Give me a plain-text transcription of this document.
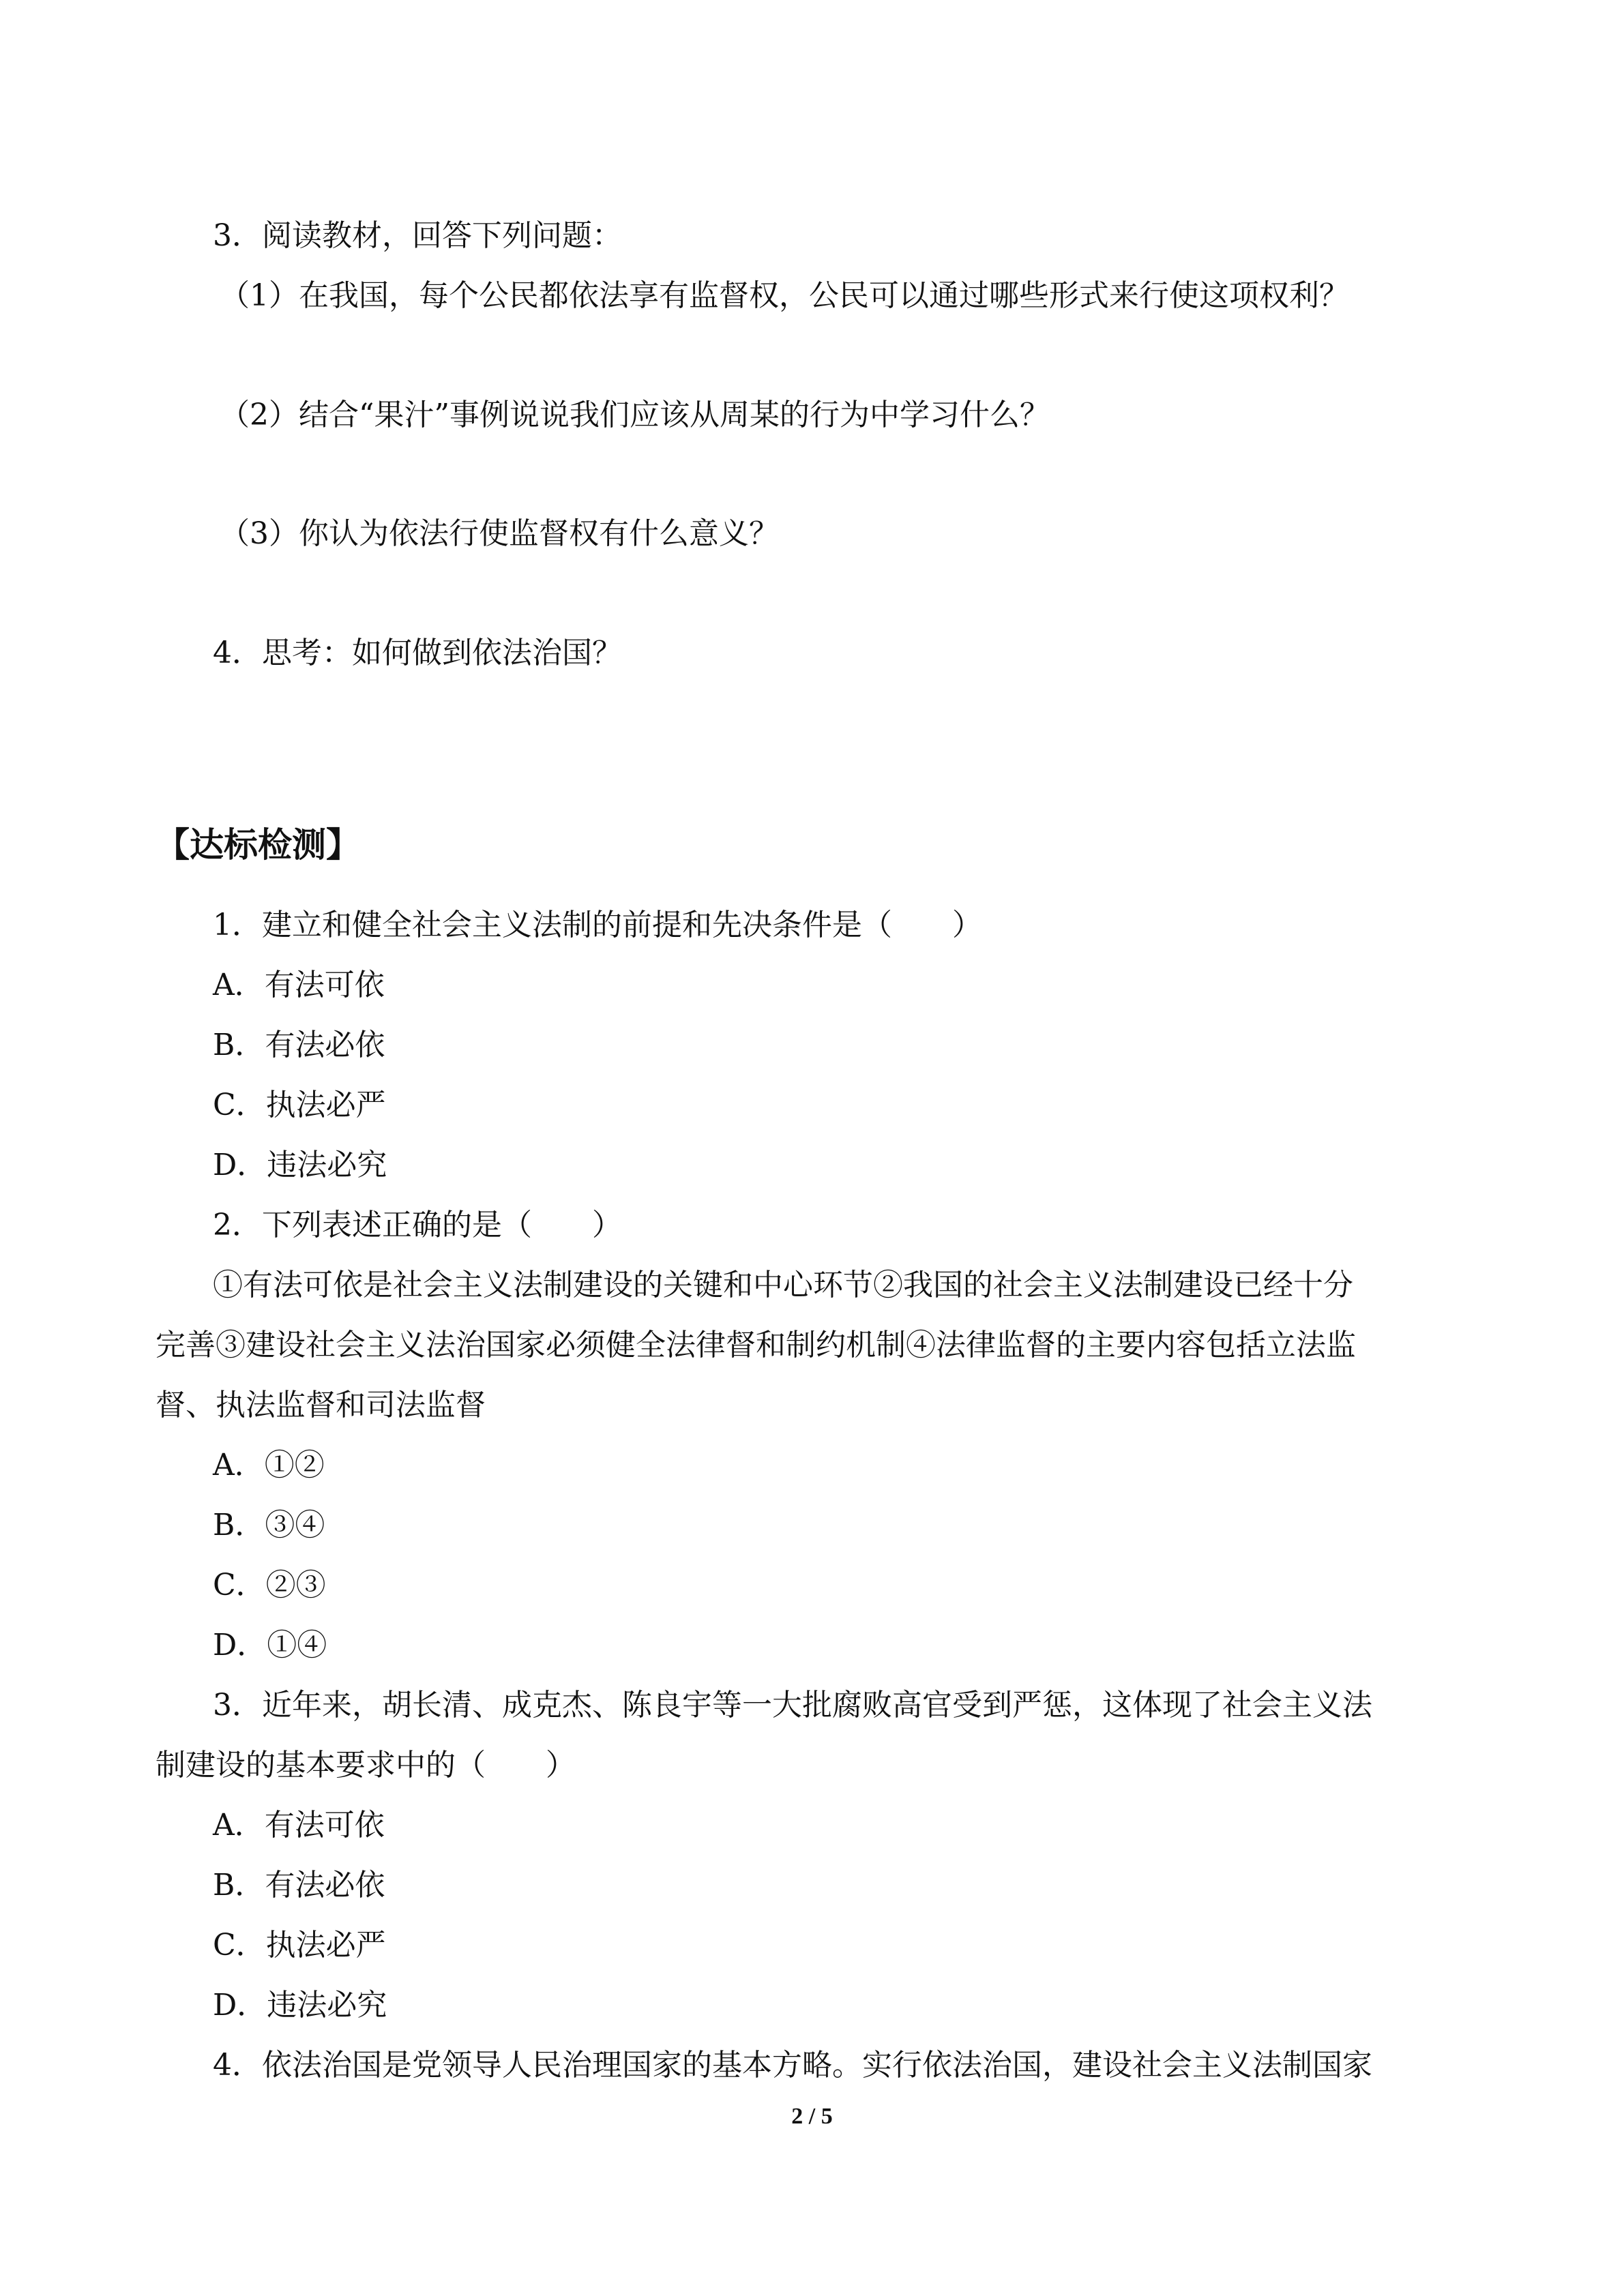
3．阅读教材，回答下列问题：
（1）在我国，每个公民都依法享有监督权，公民可以通过哪些形式来行使这项权利？
（2）结合“果汁”事例说说我们应该从周某的行为中学习什么？
（3）你认为依法行使监督权有什么意义？
4．思考：如何做到依法治国？
【达标检测】
1．建立和健全社会主义法制的前提和先决条件是（　　）
A．有法可依
B．有法必依
C．执法必严
D．违法必究
2．下列表述正确的是（　　）
①有法可依是社会主义法制建设的关键和中心环节②我国的社会主义法制建设已经十分
完善③建设社会主义法治国家必须健全法律督和制约机制④法律监督的主要内容包括立法监
督、执法监督和司法监督
A．①②
B．③④
C．②③
D．①④
3．近年来，胡长清、成克杰、陈良宇等一大批腐败高官受到严惩，这体现了社会主义法
制建设的基本要求中的（　　）
A．有法可依
B．有法必依
C．执法必严
D．违法必究
4．依法治国是党领导人民治理国家的基本方略。实行依法治国，建设社会主义法制国家
2 / 5
